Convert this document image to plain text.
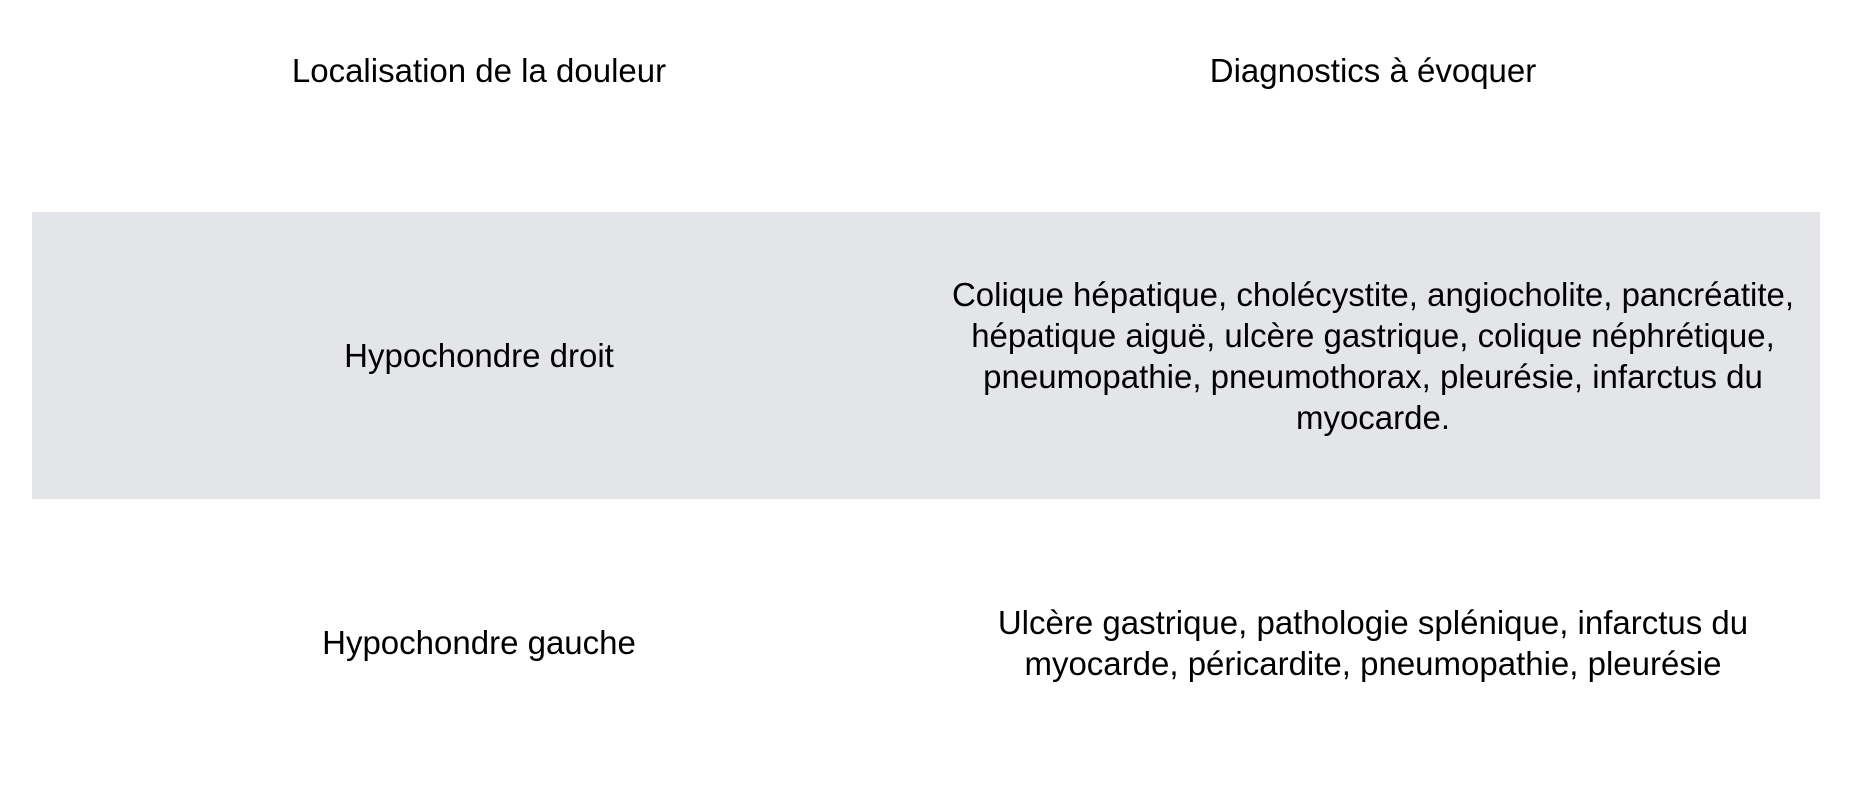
Localisation de la douleur	Diagnostics à évoquer
Hypochondre droit
Colique hépatique, cholécystite, angiocholite, pancréatite, hépatique aiguë, ulcère gastrique, colique néphrétique, pneumopathie, pneumothorax, pleurésie, infarctus du myocarde.
Hypochondre gauche
Ulcère gastrique, pathologie splénique, infarctus du myocarde, péricardite, pneumopathie, pleurésie
